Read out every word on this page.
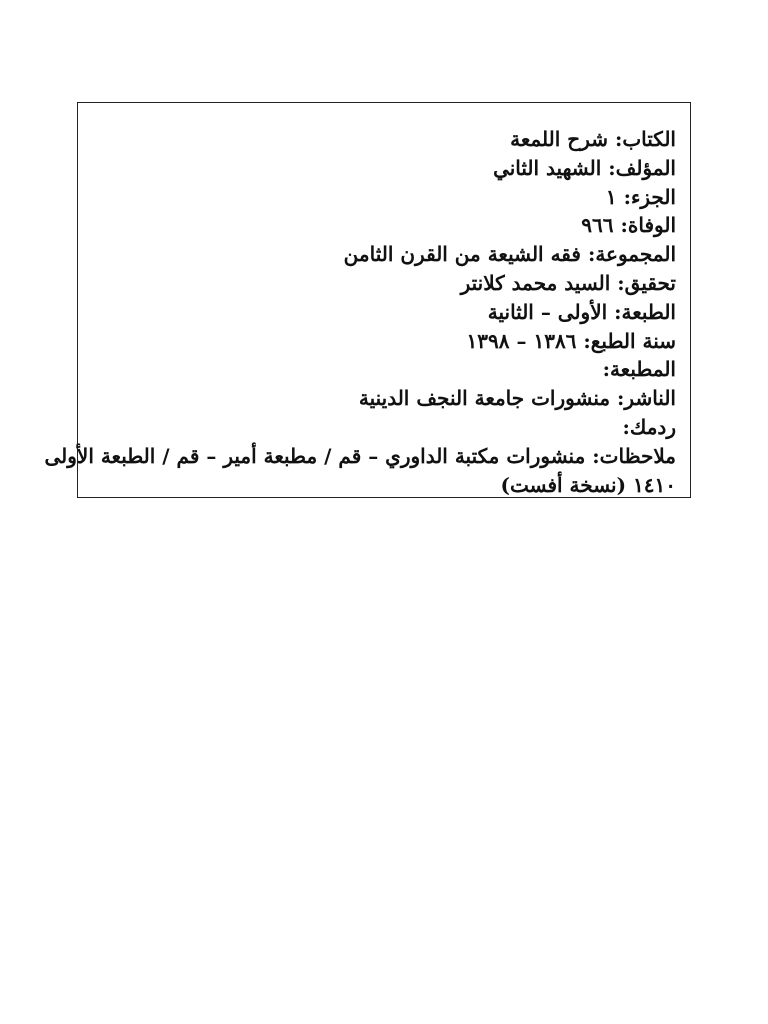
الكتاب: شرح اللمعة
المؤلف: الشهيد الثاني
الجزء: ١
الوفاة: ٩٦٦
المجموعة: فقه الشيعة من القرن الثامن
تحقيق: السيد محمد كلانتر
الطبعة: الأولى – الثانية
سنة الطبع: ١٣٨٦ – ١٣٩٨
المطبعة:
الناشر: منشورات جامعة النجف الدينية
ردمك:
ملاحظات: منشورات مكتبة الداوري – قم / مطبعة أمير – قم / الطبعة الأولى
١٤١٠ (نسخة أفست)
